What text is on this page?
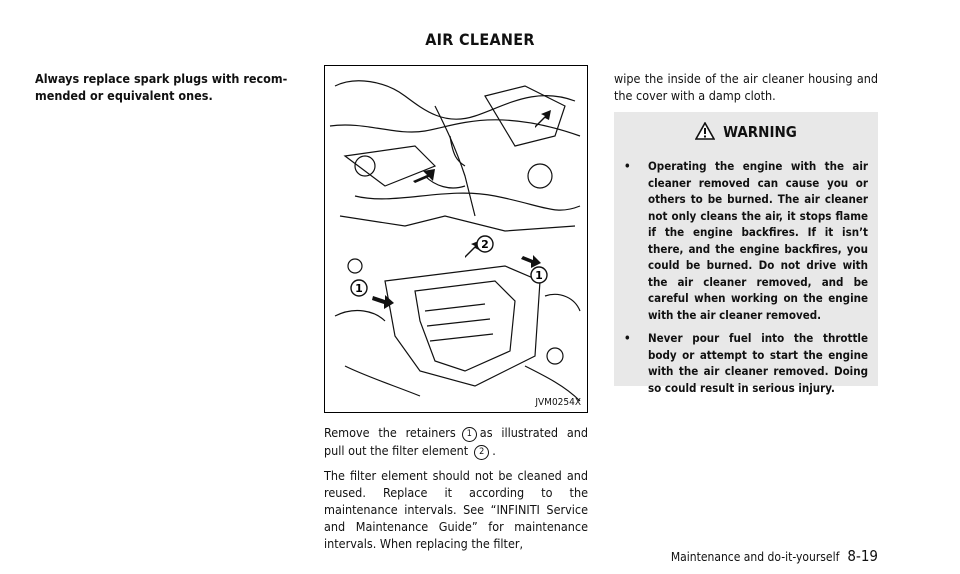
AIR CLEANER
Always replace spark plugs with recom-mended or equivalent ones.
1
2
1
JVM0254X

Remove the retainers 1 as illustrated and pull out the filter element 2 .

The filter element should not be cleaned and reused. Replace it according to the maintenance intervals. See “INFINITI Service and Maintenance Guide” for maintenance intervals. When replacing the filter,

wipe the inside of the air cleaner housing and the cover with a damp cloth.

WARNING
• Operating the engine with the air cleaner removed can cause you or others to be burned. The air cleaner not only cleans the air, it stops flame if the engine backfires. If it isn’t there, and the engine backfires, you could be burned. Do not drive with the air cleaner removed, and be careful when working on the engine with the air cleaner removed.
• Never pour fuel into the throttle body or attempt to start the engine with the air cleaner removed. Doing so could result in serious injury.
Maintenance and do-it-yourself 8-19
